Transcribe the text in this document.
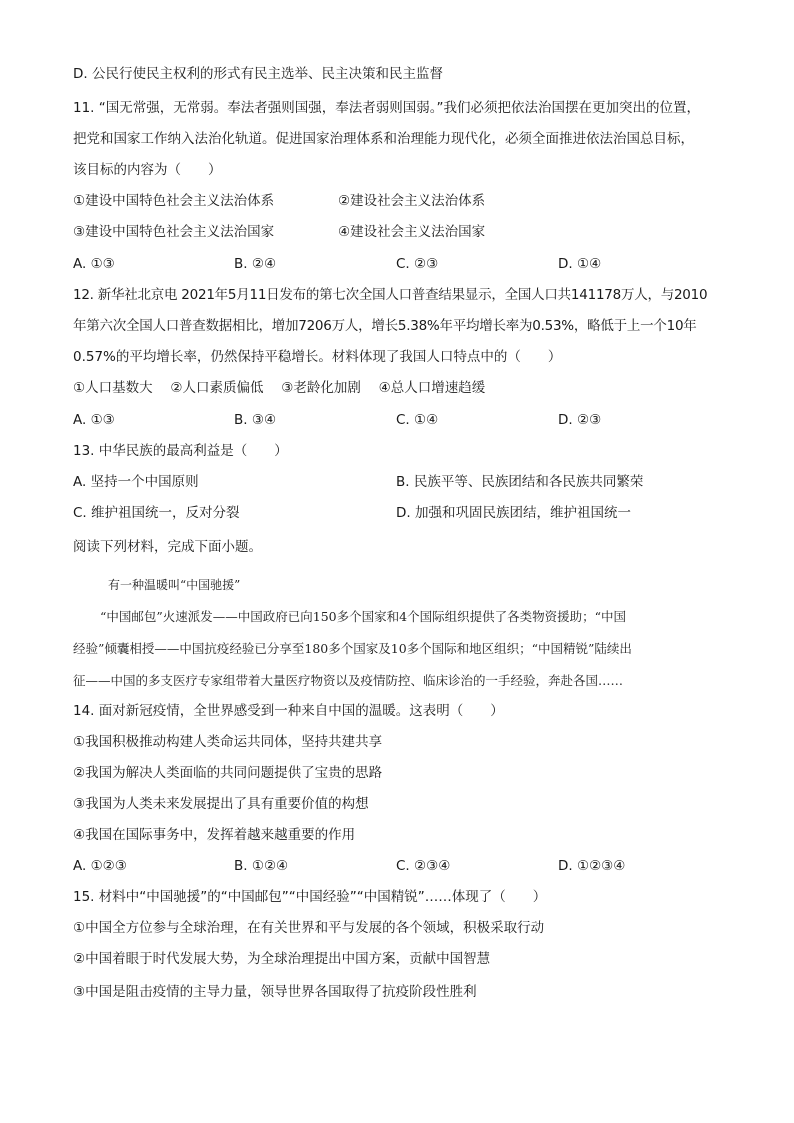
D. 公民行使民主权利的形式有民主选举、民主决策和民主监督
11. “国无常强，无常弱。奉法者强则国强，奉法者弱则国弱。”我们必须把依法治国摆在更加突出的位置，
把党和国家工作纳入法治化轨道。促进国家治理体系和治理能力现代化，必须全面推进依法治国总目标，
该目标的内容为（　　）
①建设中国特色社会主义法治体系	②建设社会主义法治体系
③建设中国特色社会主义法治国家	④建设社会主义法治国家
A. ①③	B. ②④	C. ②③	D. ①④
12. 新华社北京电 2021年5月11日发布的第七次全国人口普查结果显示，全国人口共141178万人，与2010
年第六次全国人口普查数据相比，增加7206万人，增长5.38%年平均增长率为0.53%，略低于上一个10年
0.57%的平均增长率，仍然保持平稳增长。材料体现了我国人口特点中的（　　）
①人口基数大　 ②人口素质偏低　 ③老龄化加剧　 ④总人口增速趋缓
A. ①③	B. ③④	C. ①④	D. ②③
13. 中华民族的最高利益是（　　）
A. 坚持一个中国原则	B. 民族平等、民族团结和各民族共同繁荣
C. 维护祖国统一，反对分裂	D. 加强和巩固民族团结，维护祖国统一
阅读下列材料，完成下面小题。
有一种温暖叫“中国驰援”
“中国邮包”火速派发——中国政府已向150多个国家和4个国际组织提供了各类物资援助；“中国
经验”倾囊相授——中国抗疫经验已分享至180多个国家及10多个国际和地区组织；“中国精锐”陆续出
征——中国的多支医疗专家组带着大量医疗物资以及疫情防控、临床诊治的一手经验，奔赴各国……
14. 面对新冠疫情，全世界感受到一种来自中国的温暖。这表明（　　）
①我国积极推动构建人类命运共同体，坚持共建共享
②我国为解决人类面临的共同问题提供了宝贵的思路
③我国为人类未来发展提出了具有重要价值的构想
④我国在国际事务中，发挥着越来越重要的作用
A. ①②③	B. ①②④	C. ②③④	D. ①②③④
15. 材料中“中国驰援”的“中国邮包”“中国经验”“中国精锐”……体现了（　　）
①中国全方位参与全球治理，在有关世界和平与发展的各个领域，积极采取行动
②中国着眼于时代发展大势，为全球治理提出中国方案，贡献中国智慧
③中国是阻击疫情的主导力量，领导世界各国取得了抗疫阶段性胜利
